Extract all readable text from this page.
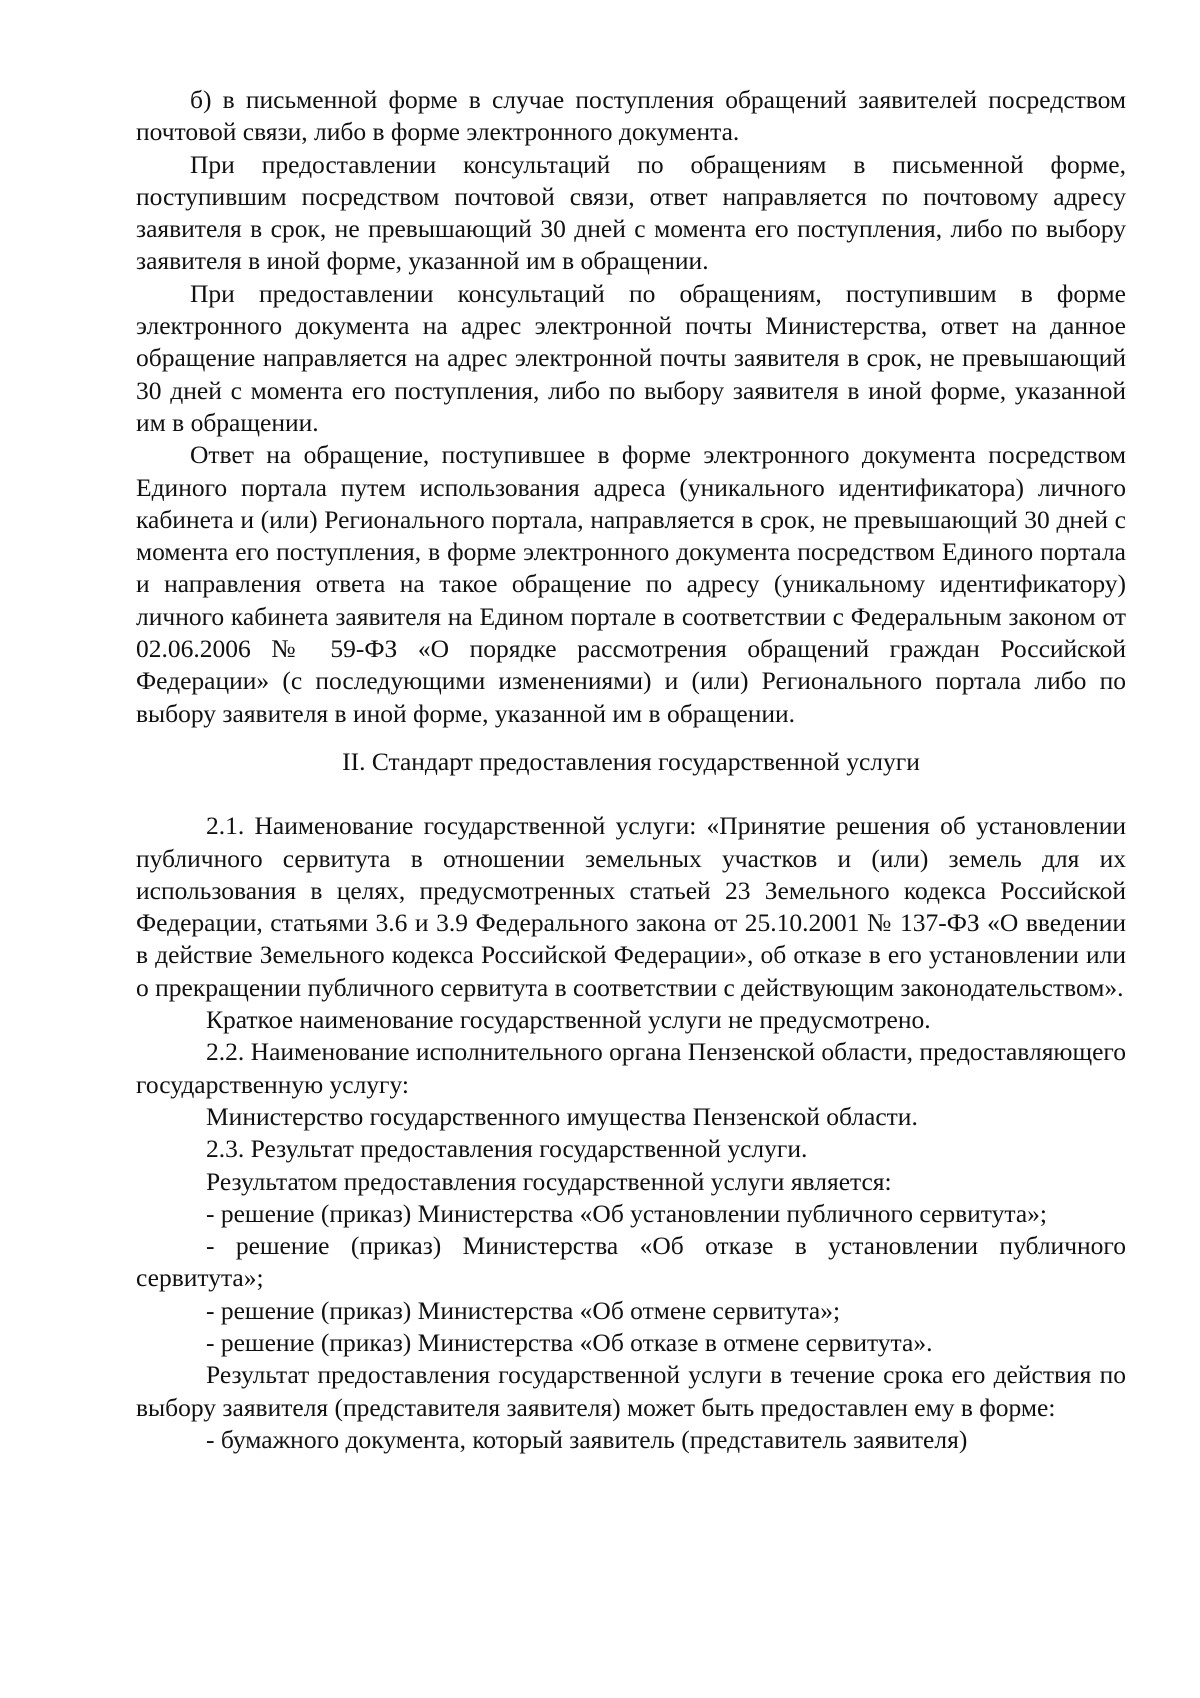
б) в письменной форме в случае поступления обращений заявителей посредством почтовой связи, либо в форме электронного документа.

При предоставлении консультаций по обращениям в письменной форме, поступившим посредством почтовой связи, ответ направляется по почтовому адресу заявителя в срок, не превышающий 30 дней с момента его поступления, либо по выбору заявителя в иной форме, указанной им в обращении.

При предоставлении консультаций по обращениям, поступившим в форме электронного документа на адрес электронной почты Министерства, ответ на данное обращение направляется на адрес электронной почты заявителя в срок, не превышающий 30 дней с момента его поступления, либо по выбору заявителя в иной форме, указанной им в обращении.

Ответ на обращение, поступившее в форме электронного документа посредством Единого портала путем использования адреса (уникального идентификатора) личного кабинета и (или) Регионального портала, направляется в срок, не превышающий 30 дней с момента его поступления, в форме электронного документа посредством Единого портала и направления ответа на такое обращение по адресу (уникальному идентификатору) личного кабинета заявителя на Едином портале в соответствии с Федеральным законом от 02.06.2006 № 59-ФЗ «О порядке рассмотрения обращений граждан Российской Федерации» (с последующими изменениями) и (или) Регионального портала либо по выбору заявителя в иной форме, указанной им в обращении.

II. Стандарт предоставления государственной услуги

2.1. Наименование государственной услуги: «Принятие решения об установлении публичного сервитута в отношении земельных участков и (или) земель для их использования в целях, предусмотренных статьей 23 Земельного кодекса Российской Федерации, статьями 3.6 и 3.9 Федерального закона от 25.10.2001 № 137-ФЗ «О введении в действие Земельного кодекса Российской Федерации», об отказе в его установлении или о прекращении публичного сервитута в соответствии с действующим законодательством».

Краткое наименование государственной услуги не предусмотрено.

2.2. Наименование исполнительного органа Пензенской области, предоставляющего государственную услугу:

Министерство государственного имущества Пензенской области.

2.3. Результат предоставления государственной услуги.

Результатом предоставления государственной услуги является:

- решение (приказ) Министерства «Об установлении публичного сервитута»;

- решение (приказ) Министерства «Об отказе в установлении публичного сервитута»;

- решение (приказ) Министерства «Об отмене сервитута»;

- решение (приказ) Министерства «Об отказе в отмене сервитута».

Результат предоставления государственной услуги в течение срока его действия по выбору заявителя (представителя заявителя) может быть предоставлен ему в форме:

- бумажного документа, который заявитель (представитель заявителя)
